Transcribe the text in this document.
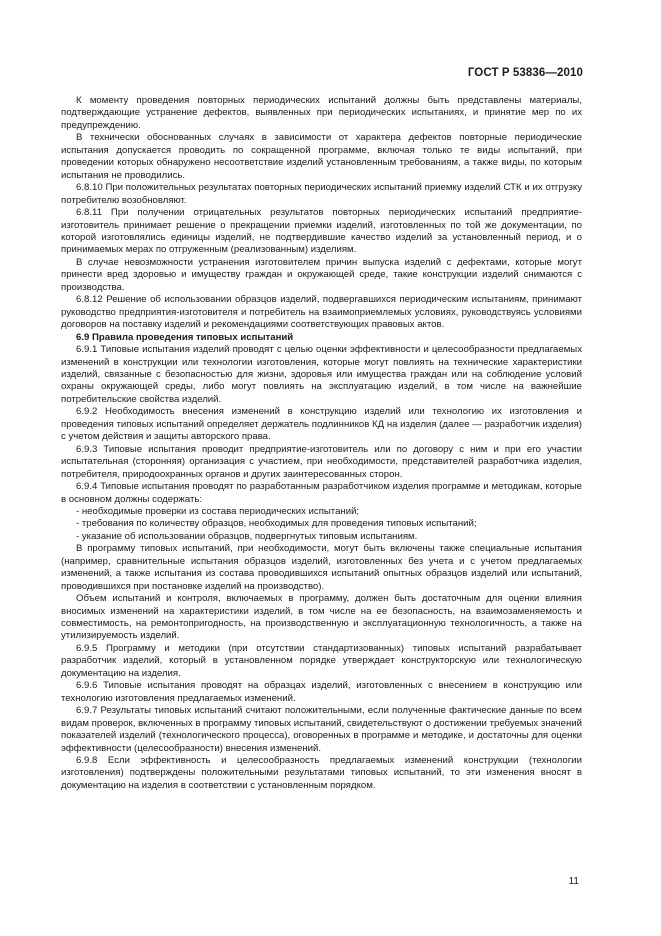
ГОСТ Р 53836—2010

К моменту проведения повторных периодических испытаний должны быть представлены материалы, подтверждающие устранение дефектов, выявленных при периодических испытаниях, и принятие мер по их предупреждению.

В технически обоснованных случаях в зависимости от характера дефектов повторные периодические испытания допускается проводить по сокращенной программе, включая только те виды испытаний, при проведении которых обнаружено несоответствие изделий установленным требованиям, а также виды, по которым испытания не проводились.

6.8.10 При положительных результатах повторных периодических испытаний приемку изделий СТК и их отгрузку потребителю возобновляют.

6.8.11 При получении отрицательных результатов повторных периодических испытаний предприятие-изготовитель принимает решение о прекращении приемки изделий, изготовленных по той же документации, по которой изготовлялись единицы изделий, не подтвердившие качество изделий за установленный период, и о принимаемых мерах по отгруженным (реализованным) изделиям.

В случае невозможности устранения изготовителем причин выпуска изделий с дефектами, которые могут принести вред здоровью и имуществу граждан и окружающей среде, такие конструкции изделий снимаются с производства.

6.8.12 Решение об использовании образцов изделий, подвергавшихся периодическим испытаниям, принимают руководство предприятия-изготовителя и потребитель на взаимоприемлемых условиях, руководствуясь условиями договоров на поставку изделий и рекомендациями соответствующих правовых актов.

6.9 Правила проведения типовых испытаний

6.9.1 Типовые испытания изделий проводят с целью оценки эффективности и целесообразности предлагаемых изменений в конструкции или технологии изготовления, которые могут повлиять на технические характеристики изделий, связанные с безопасностью для жизни, здоровья или имущества граждан или на соблюдение условий охраны окружающей среды, либо могут повлиять на эксплуатацию изделий, в том числе на важнейшие потребительские свойства изделий.

6.9.2 Необходимость внесения изменений в конструкцию изделий или технологию их изготовления и проведения типовых испытаний определяет держатель подлинников КД на изделия (далее — разработчик изделия) с учетом действия и защиты авторского права.

6.9.3 Типовые испытания проводит предприятие-изготовитель или по договору с ним и при его участии испытательная (сторонняя) организация с участием, при необходимости, представителей разработчика изделия, потребителя, природоохранных органов и других заинтересованных сторон.

6.9.4 Типовые испытания проводят по разработанным разработчиком изделия программе и методикам, которые в основном должны содержать:

- необходимые проверки из состава периодических испытаний;

- требования по количеству образцов, необходимых для проведения типовых испытаний;

- указание об использовании образцов, подвергнутых типовым испытаниям.

В программу типовых испытаний, при необходимости, могут быть включены также специальные испытания (например, сравнительные испытания образцов изделий, изготовленных без учета и с учетом предлагаемых изменений, а также испытания из состава проводившихся испытаний опытных образцов изделий или испытаний, проводившихся при постановке изделий на производство).

Объем испытаний и контроля, включаемых в программу, должен быть достаточным для оценки влияния вносимых изменений на характеристики изделий, в том числе на ее безопасность, на взаимозаменяемость и совместимость, на ремонтопригодность, на производственную и эксплуатационную технологичность, а также на утилизируемость изделий.

6.9.5 Программу и методики (при отсутствии стандартизованных) типовых испытаний разрабатывает разработчик изделий, который в установленном порядке утверждает конструкторскую или технологическую документацию на изделия.

6.9.6 Типовые испытания проводят на образцах изделий, изготовленных с внесением в конструкцию или технологию изготовления предлагаемых изменений.

6.9.7 Результаты типовых испытаний считают положительными, если полученные фактические данные по всем видам проверок, включенных в программу типовых испытаний, свидетельствуют о достижении требуемых значений показателей изделий (технологического процесса), оговоренных в программе и методике, и достаточны для оценки эффективности (целесообразности) внесения изменений.

6.9.8 Если эффективность и целесообразность предлагаемых изменений конструкции (технологии изготовления) подтверждены положительными результатами типовых испытаний, то эти изменения вносят в документацию на изделия в соответствии с установленным порядком.

11
